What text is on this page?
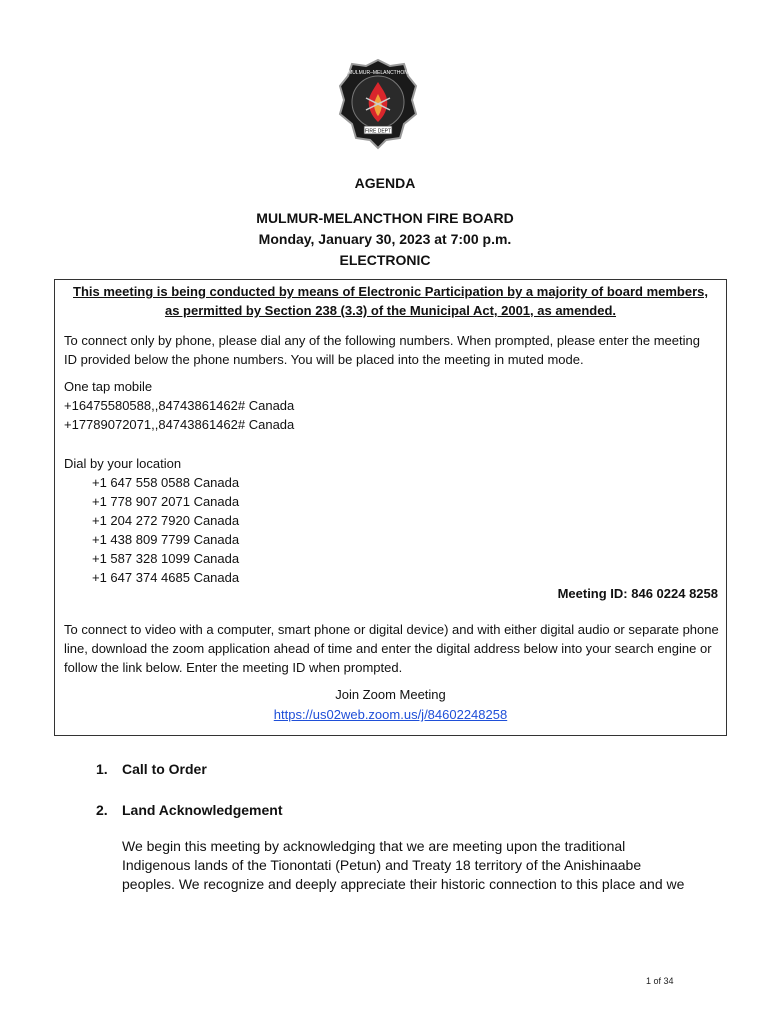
MULMUR–MELANCTHON
FIRE DEPT
AGENDA
MULMUR-MELANCTHON FIRE BOARD
Monday, January 30, 2023 at 7:00 p.m.
ELECTRONIC
This meeting is being conducted by means of Electronic Participation by a majority of board members,
as permitted by Section 238 (3.3) of the Municipal Act, 2001, as amended.
To connect only by phone, please dial any of the following numbers. When prompted, please enter the meeting
ID provided below the phone numbers. You will be placed into the meeting in muted mode.
One tap mobile
+16475580588,,84743861462# Canada
+17789072071,,84743861462# Canada
Dial by your location
+1 647 558 0588 Canada
+1 778 907 2071 Canada
+1 204 272 7920 Canada
+1 438 809 7799 Canada
+1 587 328 1099 Canada
+1 647 374 4685 Canada
Meeting ID: 846 0224 8258
To connect to video with a computer, smart phone or digital device) and with either digital audio or separate phone
line, download the zoom application ahead of time and enter the digital address below into your search engine or
follow the link below. Enter the meeting ID when prompted.
Join Zoom Meeting
https://us02web.zoom.us/j/84602248258
1. Call to Order
2. Land Acknowledgement
We begin this meeting by acknowledging that we are meeting upon the traditional
Indigenous lands of the Tionontati (Petun) and Treaty 18 territory of the Anishinaabe
peoples. We recognize and deeply appreciate their historic connection to this place and we
1 of 34
